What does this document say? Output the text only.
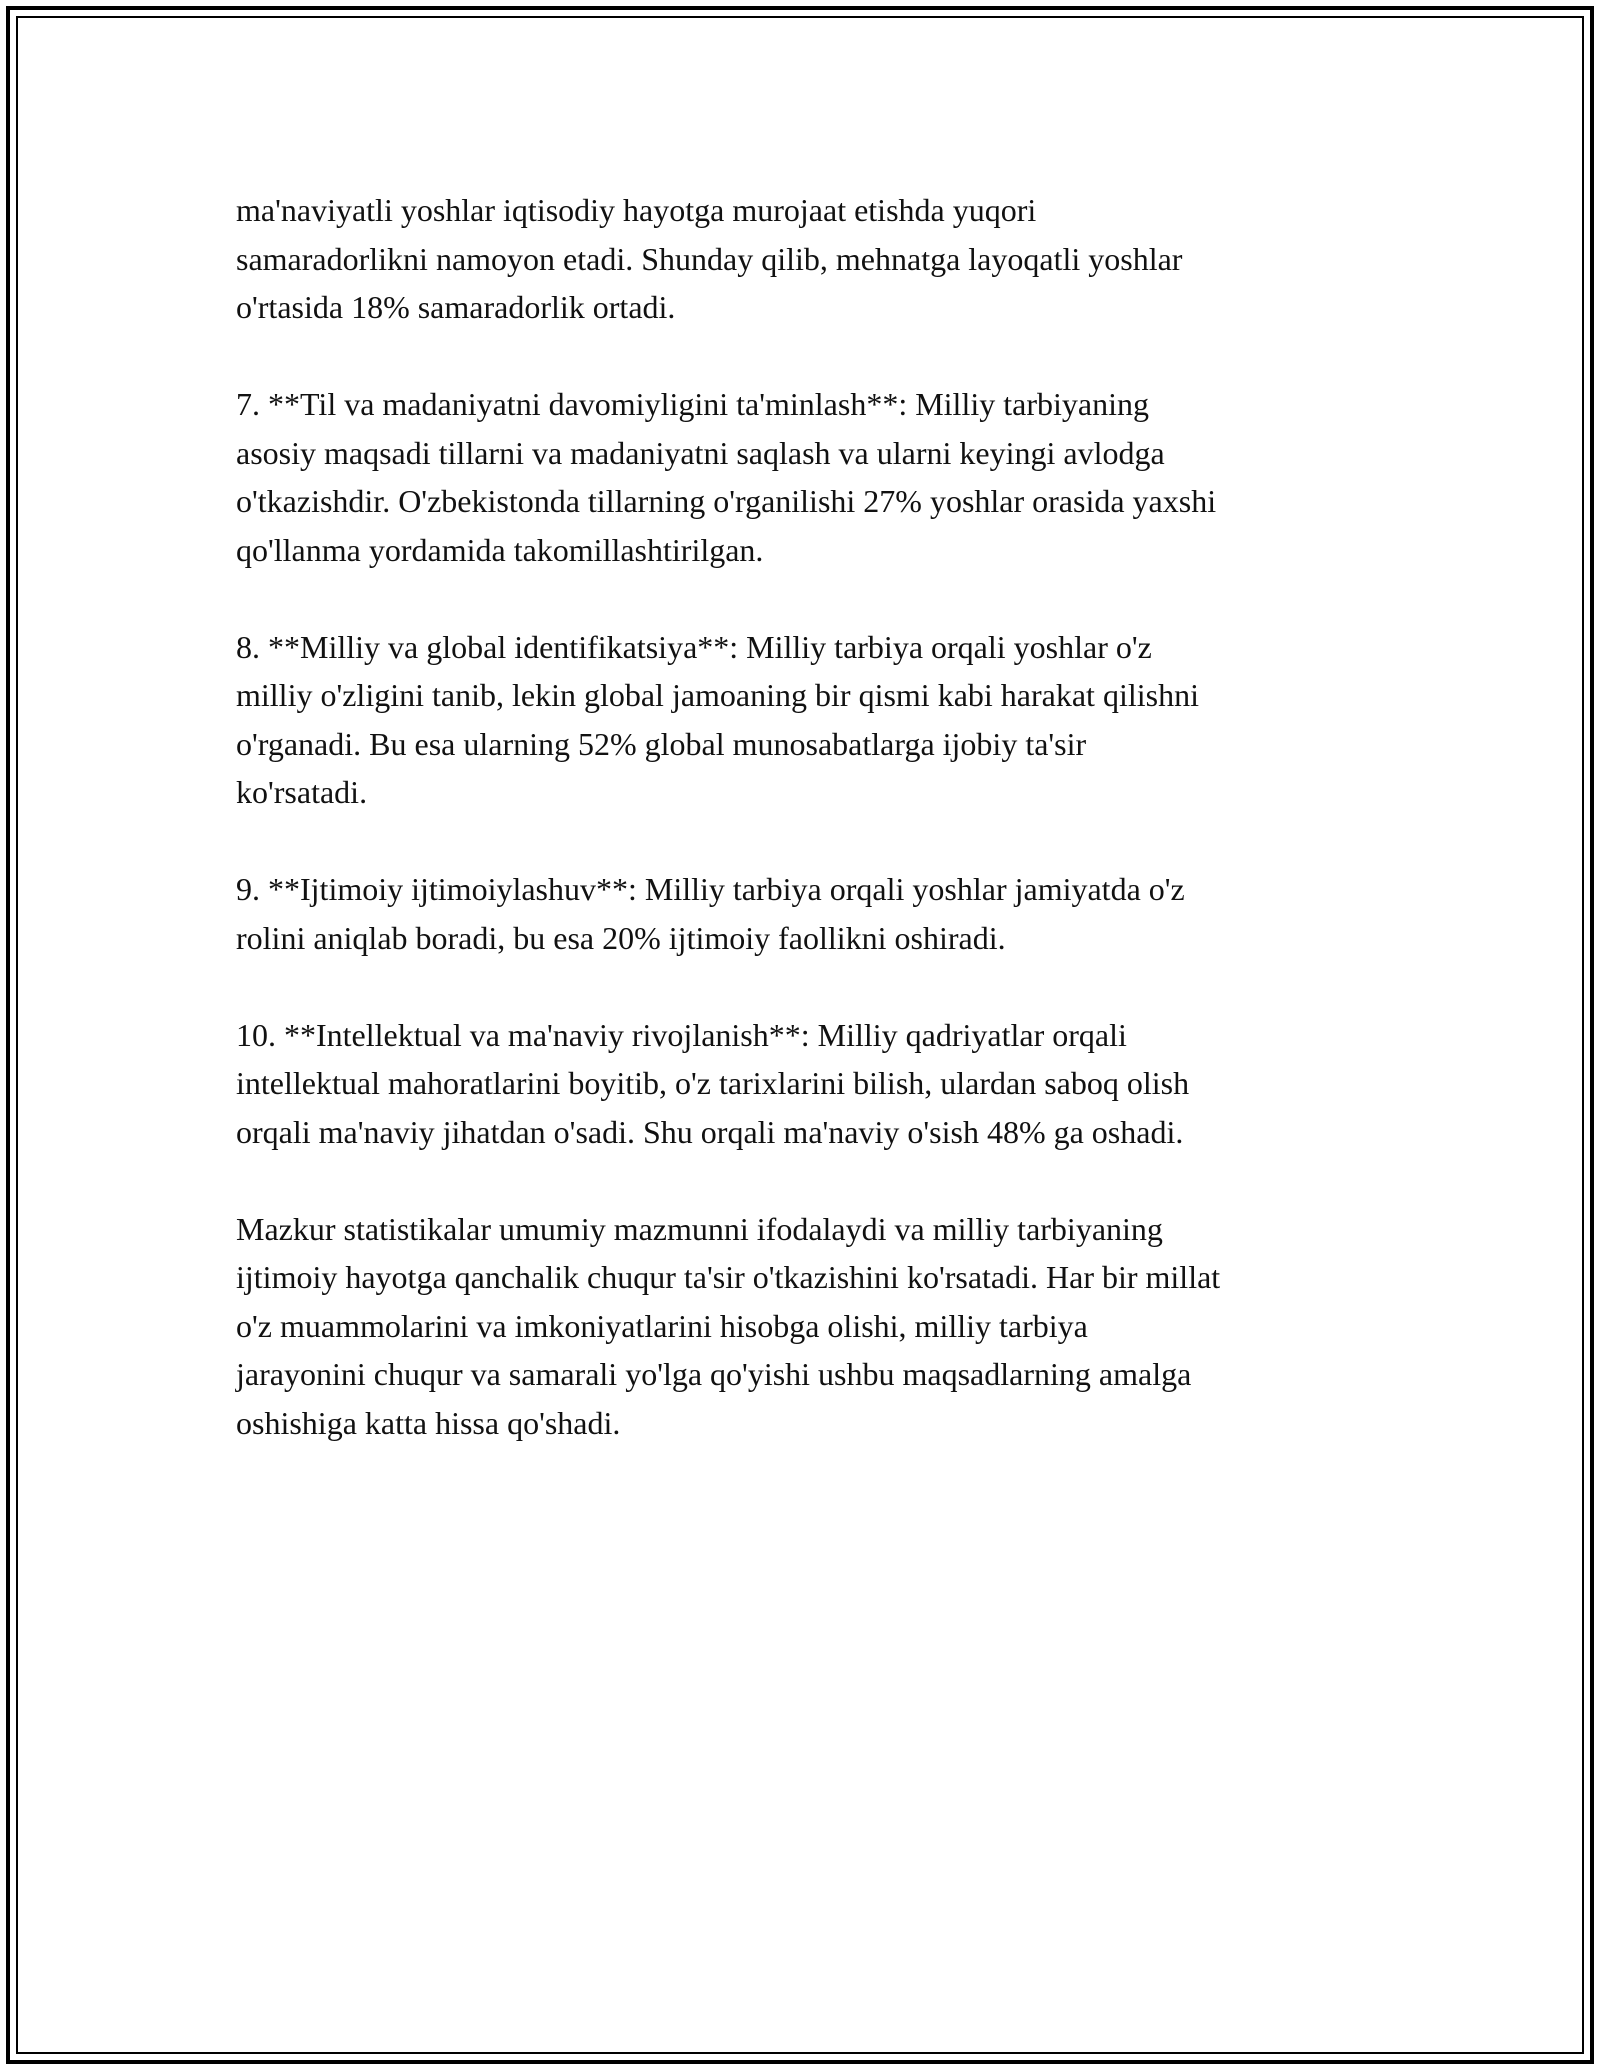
ma'naviyatli yoshlar iqtisodiy hayotga murojaat etishda yuqori
samaradorlikni namoyon etadi. Shunday qilib, mehnatga layoqatli yoshlar
o'rtasida 18% samaradorlik ortadi.

7. **Til va madaniyatni davomiyligini ta'minlash**: Milliy tarbiyaning
asosiy maqsadi tillarni va madaniyatni saqlash va ularni keyingi avlodga
o'tkazishdir. O'zbekistonda tillarning o'rganilishi 27% yoshlar orasida yaxshi
qo'llanma yordamida takomillashtirilgan.

8. **Milliy va global identifikatsiya**: Milliy tarbiya orqali yoshlar o'z
milliy o'zligini tanib, lekin global jamoaning bir qismi kabi harakat qilishni
o'rganadi. Bu esa ularning 52% global munosabatlarga ijobiy ta'sir
ko'rsatadi.

9. **Ijtimoiy ijtimoiylashuv**: Milliy tarbiya orqali yoshlar jamiyatda o'z
rolini aniqlab boradi, bu esa 20% ijtimoiy faollikni oshiradi.

10. **Intellektual va ma'naviy rivojlanish**: Milliy qadriyatlar orqali
intellektual mahoratlarini boyitib, o'z tarixlarini bilish, ulardan saboq olish
orqali ma'naviy jihatdan o'sadi. Shu orqali ma'naviy o'sish 48% ga oshadi.

Mazkur statistikalar umumiy mazmunni ifodalaydi va milliy tarbiyaning
ijtimoiy hayotga qanchalik chuqur ta'sir o'tkazishini ko'rsatadi. Har bir millat
o'z muammolarini va imkoniyatlarini hisobga olishi, milliy tarbiya
jarayonini chuqur va samarali yo'lga qo'yishi ushbu maqsadlarning amalga
oshishiga katta hissa qo'shadi.
